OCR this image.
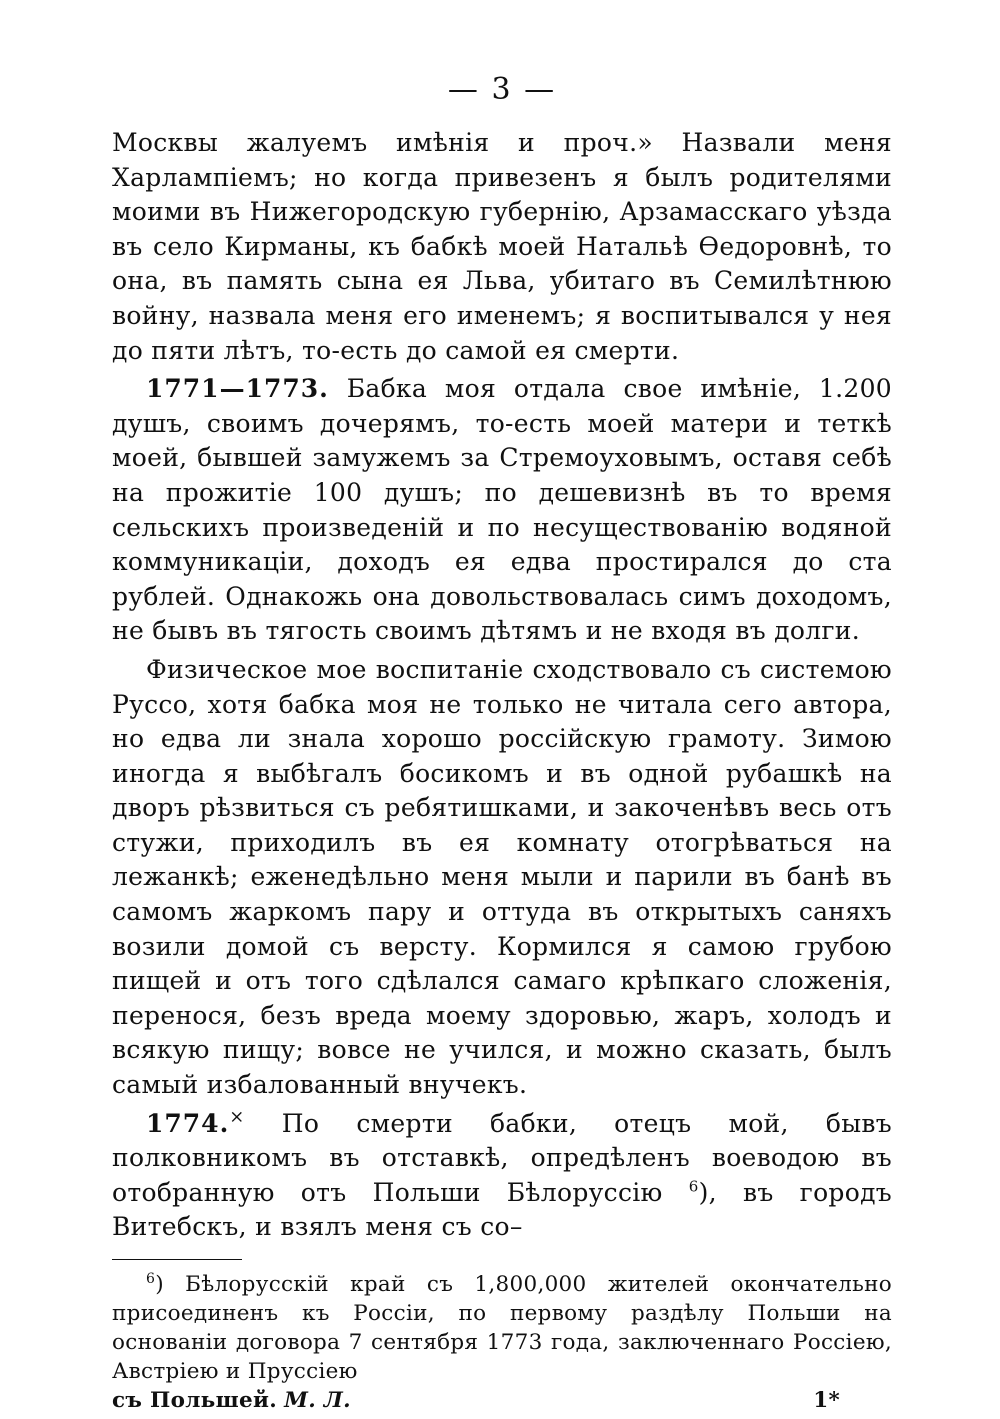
— 3 —

Москвы жалуемъ имѣнія и проч.» Назвали меня Харлампіемъ; но когда привезенъ я былъ родителями моими въ Нижегородскую губернію, Арзамасскаго уѣзда въ село Кирманы, къ бабкѣ моей Натальѣ Ѳедоровнѣ, то она, въ память сына ея Льва, убитаго въ Семилѣтнюю войну, назвала меня его именемъ; я воспитывался у нея до пяти лѣтъ, то-есть до самой ея смерти.

1771—1773. Бабка моя отдала свое имѣніе, 1.200 душъ, своимъ дочерямъ, то-есть моей матери и теткѣ моей, бывшей замужемъ за Стремоуховымъ, оставя себѣ на прожитіе 100 душъ; по дешевизнѣ въ то время сельскихъ произведеній и по несуществованію водяной коммуникаціи, доходъ ея едва простирался до ста рублей. Однакожь она довольствовалась симъ доходомъ, не бывъ въ тягость своимъ дѣтямъ и не входя въ долги.

Физическое мое воспитаніе сходствовало съ системою Руссо, хотя бабка моя не только не читала сего автора, но едва ли знала хорошо россійскую грамоту. Зимою иногда я выбѣгалъ босикомъ и въ одной рубашкѣ на дворъ рѣзвиться съ ребятишками, и закоченѣвъ весь отъ стужи, приходилъ въ ея комнату отогрѣваться на лежанкѣ; еженедѣльно меня мыли и парили въ банѣ въ самомъ жаркомъ пару и оттуда въ открытыхъ саняхъ возили домой съ версту. Кормился я самою грубою пищей и отъ того сдѣлался самаго крѣпкаго сложенія, перенося, безъ вреда моему здоровью, жаръ, холодъ и всякую пищу; вовсе не учился, и можно сказать, былъ самый избалованный внучекъ.

1774.× По смерти бабки, отецъ мой, бывъ полковникомъ въ отставкѣ, опредѣленъ воеводою въ отобранную отъ Польши Бѣлоруссію $^6$), въ городъ Витебскъ, и взялъ меня съ со–

$^6$) Бѣлорусскій край съ 1,800,000 жителей окончательно присоединенъ къ Россіи, по первому раздѣлу Польши на основаніи договора 7 сентября 1773 года, заключеннаго Россіею, Австріею и Пруссіею

съ Польшей. М. Л.	1*
